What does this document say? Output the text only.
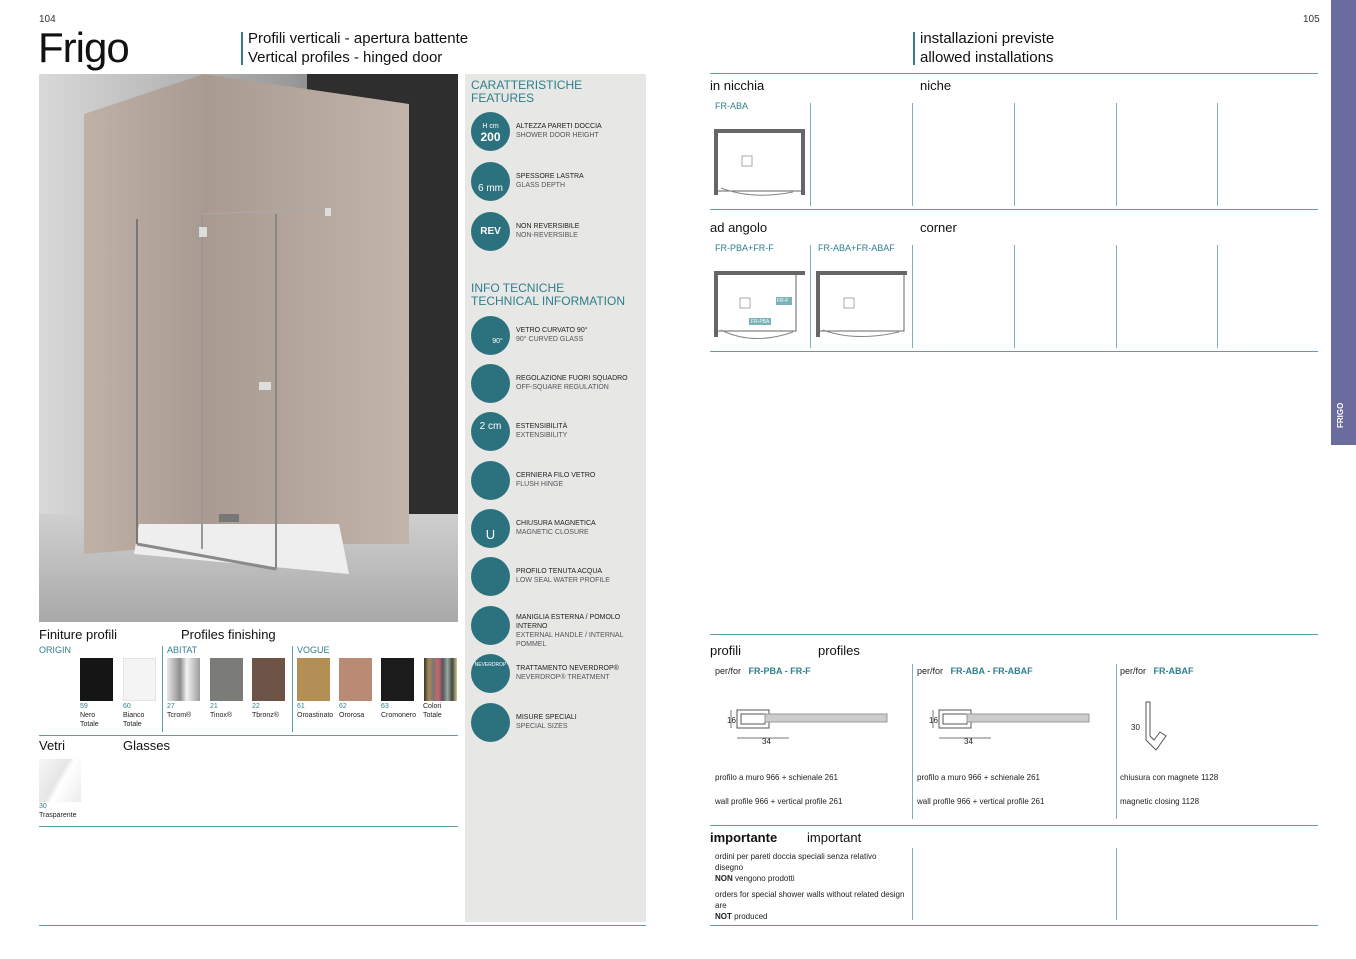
104
Frigo	Profili verticali - apertura battente
Vertical profiles - hinged door
CARATTERISTICHE
FEATURES
H cm
200
ALTEZZA PARETI DOCCIA
SHOWER DOOR HEIGHT
6 mm
SPESSORE LASTRA
GLASS DEPTH
REV NON REVERSIBILE
NON-REVERSIBLE
INFO TECNICHE
TECHNICAL INFORMATION
90°
VETRO CURVATO 90°
90° CURVED GLASS
REGOLAZIONE FUORI SQUADRO
OFF-SQUARE REGULATION
2 cm ESTENSIBILITÀ
EXTENSIBILITY
CERNIERA FILO VETRO
FLUSH HINGE
U
CHIUSURA MAGNETICA
MAGNETIC CLOSURE
PROFILO TENUTA ACQUA
LOW SEAL WATER PROFILE
MANIGLIA ESTERNA / POMOLO INTERNO
EXTERNAL HANDLE / INTERNAL POMMEL
NEVERDROP
TRATTAMENTO NEVERDROP®
NEVERDROP® TREATMENT
MISURE SPECIALI
SPECIAL SIZES
Finiture profili	Profiles finishing
ORIGIN	ABITAT	VOGUE
59
Nero Totale
60
Bianco Totale
27
Tcrom®
21
Tinox®
22
Tbronz®
61
Oroastinato
62
Ororosa
63
Cromonero
Colori Totale
Vetri	Glasses
30
Trasparente
105
installazioni previste
allowed installations
in nicchia	niche
FR-ABA
ad angolo	corner
FR-PBA+FR-F	FR-ABA+FR-ABAF
FR-F
FR-PBA
profili	profiles
per/for FR-PBA - FR-F	per/for FR-ABA - FR-ABAF	per/for FR-ABAF
16
34
16
34
30
profilo a muro 966 + schienale 261
wall profile 966 + vertical profile 261
profilo a muro 966 + schienale 261
wall profile 966 + vertical profile 261
chiusura con magnete 1128
magnetic closing 1128
importante important
ordini per pareti doccia speciali senza relativo disegno
NON vengono prodotti
orders for special shower walls without related design are
NOT produced
FRIGO
